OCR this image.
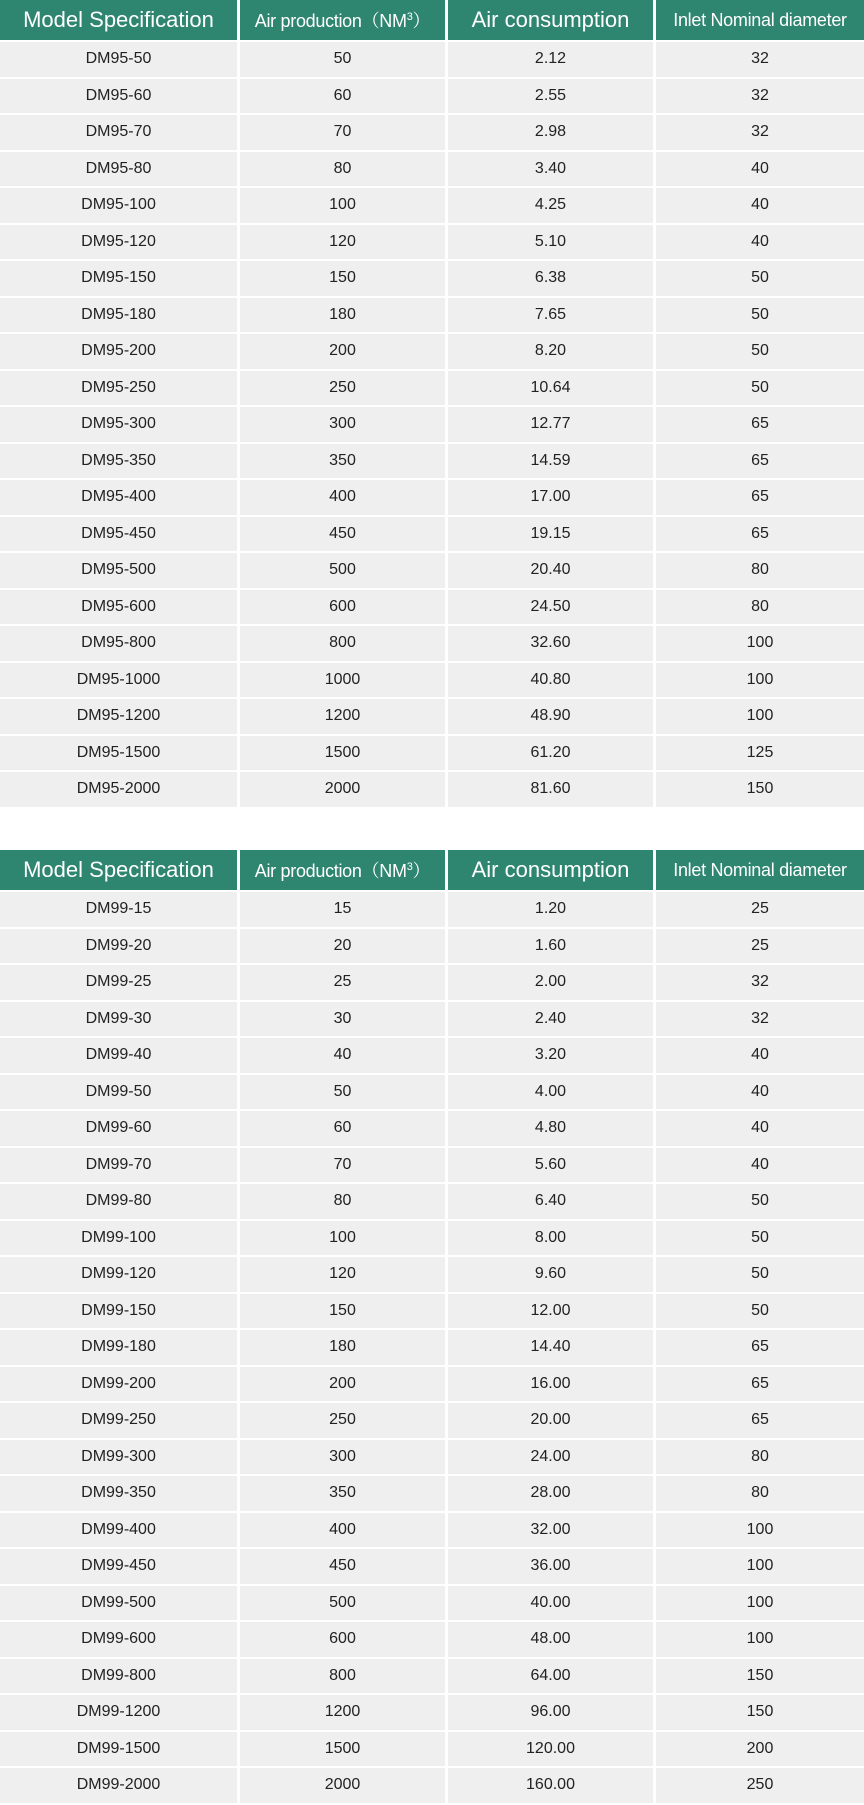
Model Specification	Air $production(NM^3)$	Air consumption	Inlet Nominal diameter
DM95-50	50	2.12	32
DM95-60	60	2.55	32
DM95-70	70	2.98	32
DM95-80	80	3.40	40
DM95-100	100	4.25	40
DM95-120	120	5.10	40
DM95-150	150	6.38	50
DM95-180	180	7.65	50
DM95-200	200	8.20	50
DM95-250	250	10.64	50
DM95-300	300	12.77	65
DM95-350	350	14.59	65
DM95-400	400	17.00	65
DM95-450	450	19.15	65
DM95-500	500	20.40	80
DM95-600	600	24.50	80
DM95-800	800	32.60	100
DM95-1000	1000	40.80	100
DM95-1200	1200	48.90	100
DM95-1500	1500	61.20	125
DM95-2000	2000	81.60	150
Model Specification	Air $production(NM^3)$	Air consumption	Inlet Nominal diameter
DM99-15	15	1.20	25
DM99-20	20	1.60	25
DM99-25	25	2.00	32
DM99-30	30	2.40	32
DM99-40	40	3.20	40
DM99-50	50	4.00	40
DM99-60	60	4.80	40
DM99-70	70	5.60	40
DM99-80	80	6.40	50
DM99-100	100	8.00	50
DM99-120	120	9.60	50
DM99-150	150	12.00	50
DM99-180	180	14.40	65
DM99-200	200	16.00	65
DM99-250	250	20.00	65
DM99-300	300	24.00	80
DM99-350	350	28.00	80
DM99-400	400	32.00	100
DM99-450	450	36.00	100
DM99-500	500	40.00	100
DM99-600	600	48.00	100
DM99-800	800	64.00	150
DM99-1200	1200	96.00	150
DM99-1500	1500	120.00	200
DM99-2000	2000	160.00	250
